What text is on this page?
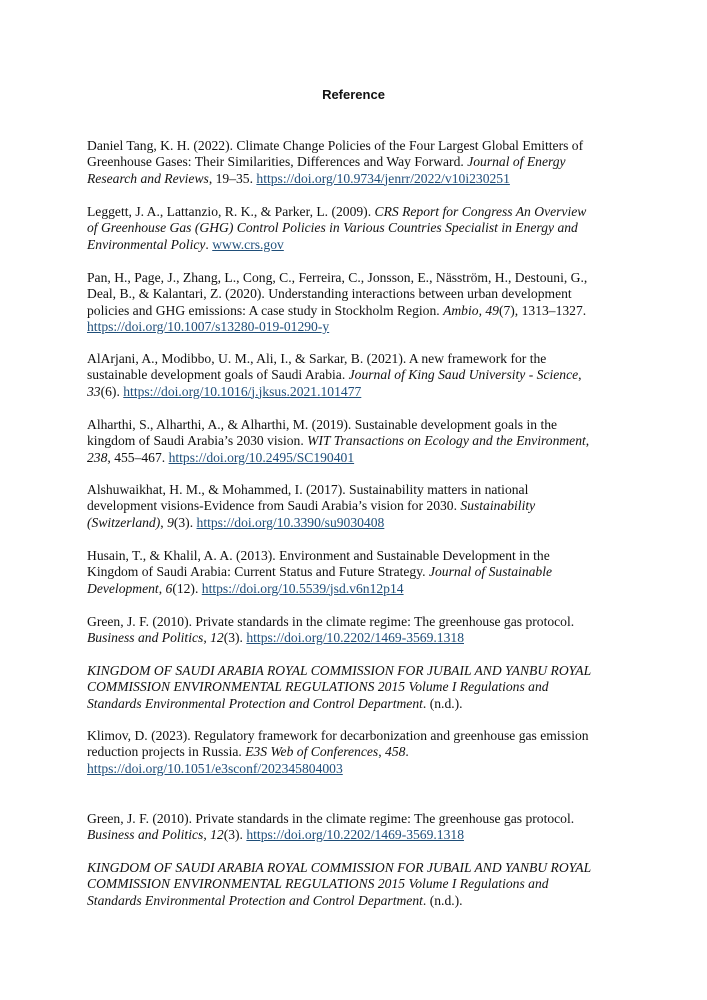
Reference
Daniel Tang, K. H. (2022). Climate Change Policies of the Four Largest Global Emitters of
Greenhouse Gases: Their Similarities, Differences and Way Forward. Journal of Energy
Research and Reviews, 19–35. https://doi.org/10.9734/jenrr/2022/v10i230251
Leggett, J. A., Lattanzio, R. K., & Parker, L. (2009). CRS Report for Congress An Overview
of Greenhouse Gas (GHG) Control Policies in Various Countries Specialist in Energy and
Environmental Policy. www.crs.gov
Pan, H., Page, J., Zhang, L., Cong, C., Ferreira, C., Jonsson, E., Näsström, H., Destouni, G.,
Deal, B., & Kalantari, Z. (2020). Understanding interactions between urban development
policies and GHG emissions: A case study in Stockholm Region. Ambio, 49(7), 1313–1327.
https://doi.org/10.1007/s13280-019-01290-y
AlArjani, A., Modibbo, U. M., Ali, I., & Sarkar, B. (2021). A new framework for the
sustainable development goals of Saudi Arabia. Journal of King Saud University - Science,
33(6). https://doi.org/10.1016/j.jksus.2021.101477
Alharthi, S., Alharthi, A., & Alharthi, M. (2019). Sustainable development goals in the
kingdom of Saudi Arabia’s 2030 vision. WIT Transactions on Ecology and the Environment,
238, 455–467. https://doi.org/10.2495/SC190401
Alshuwaikhat, H. M., & Mohammed, I. (2017). Sustainability matters in national
development visions-Evidence from Saudi Arabia’s vision for 2030. Sustainability
(Switzerland), 9(3). https://doi.org/10.3390/su9030408
Husain, T., & Khalil, A. A. (2013). Environment and Sustainable Development in the
Kingdom of Saudi Arabia: Current Status and Future Strategy. Journal of Sustainable
Development, 6(12). https://doi.org/10.5539/jsd.v6n12p14
Green, J. F. (2010). Private standards in the climate regime: The greenhouse gas protocol.
Business and Politics, 12(3). https://doi.org/10.2202/1469-3569.1318
KINGDOM OF SAUDI ARABIA ROYAL COMMISSION FOR JUBAIL AND YANBU ROYAL
COMMISSION ENVIRONMENTAL REGULATIONS 2015 Volume I Regulations and
Standards Environmental Protection and Control Department. (n.d.).
Klimov, D. (2023). Regulatory framework for decarbonization and greenhouse gas emission
reduction projects in Russia. E3S Web of Conferences, 458.
https://doi.org/10.1051/e3sconf/202345804003
Green, J. F. (2010). Private standards in the climate regime: The greenhouse gas protocol.
Business and Politics, 12(3). https://doi.org/10.2202/1469-3569.1318
KINGDOM OF SAUDI ARABIA ROYAL COMMISSION FOR JUBAIL AND YANBU ROYAL
COMMISSION ENVIRONMENTAL REGULATIONS 2015 Volume I Regulations and
Standards Environmental Protection and Control Department. (n.d.).
